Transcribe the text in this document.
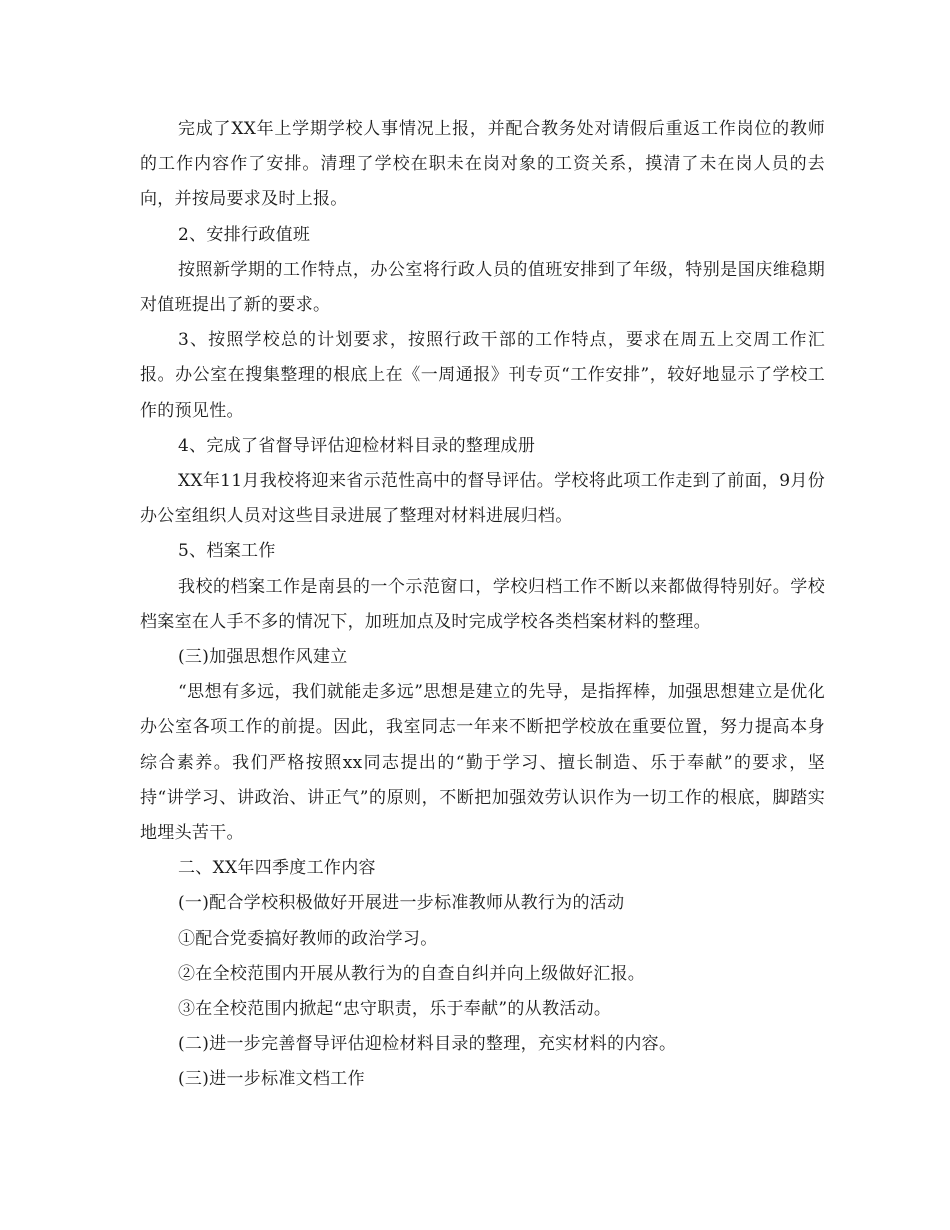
完成了XX年上学期学校人事情况上报，并配合教务处对请假后重返工作岗位的教师的工作内容作了安排。清理了学校在职未在岗对象的工资关系，摸清了未在岗人员的去向，并按局要求及时上报。

2、安排行政值班

按照新学期的工作特点，办公室将行政人员的值班安排到了年级，特别是国庆维稳期对值班提出了新的要求。

3、按照学校总的计划要求，按照行政干部的工作特点，要求在周五上交周工作汇报。办公室在搜集整理的根底上在《一周通报》刊专页“工作安排”，较好地显示了学校工作的预见性。

4、完成了省督导评估迎检材料目录的整理成册

XX年11月我校将迎来省示范性高中的督导评估。学校将此项工作走到了前面，9月份办公室组织人员对这些目录进展了整理对材料进展归档。

5、档案工作

我校的档案工作是南县的一个示范窗口，学校归档工作不断以来都做得特别好。学校档案室在人手不多的情况下，加班加点及时完成学校各类档案材料的整理。

(三)加强思想作风建立

“思想有多远，我们就能走多远”思想是建立的先导，是指挥棒，加强思想建立是优化办公室各项工作的前提。因此，我室同志一年来不断把学校放在重要位置，努力提高本身综合素养。我们严格按照xx同志提出的“勤于学习、擅长制造、乐于奉献”的要求，坚持“讲学习、讲政治、讲正气”的原则，不断把加强效劳认识作为一切工作的根底，脚踏实地埋头苦干。

二、XX年四季度工作内容

(一)配合学校积极做好开展进一步标准教师从教行为的活动

①配合党委搞好教师的政治学习。

②在全校范围内开展从教行为的自查自纠并向上级做好汇报。

③在全校范围内掀起“忠守职责，乐于奉献”的从教活动。

(二)进一步完善督导评估迎检材料目录的整理，充实材料的内容。

(三)进一步标准文档工作
